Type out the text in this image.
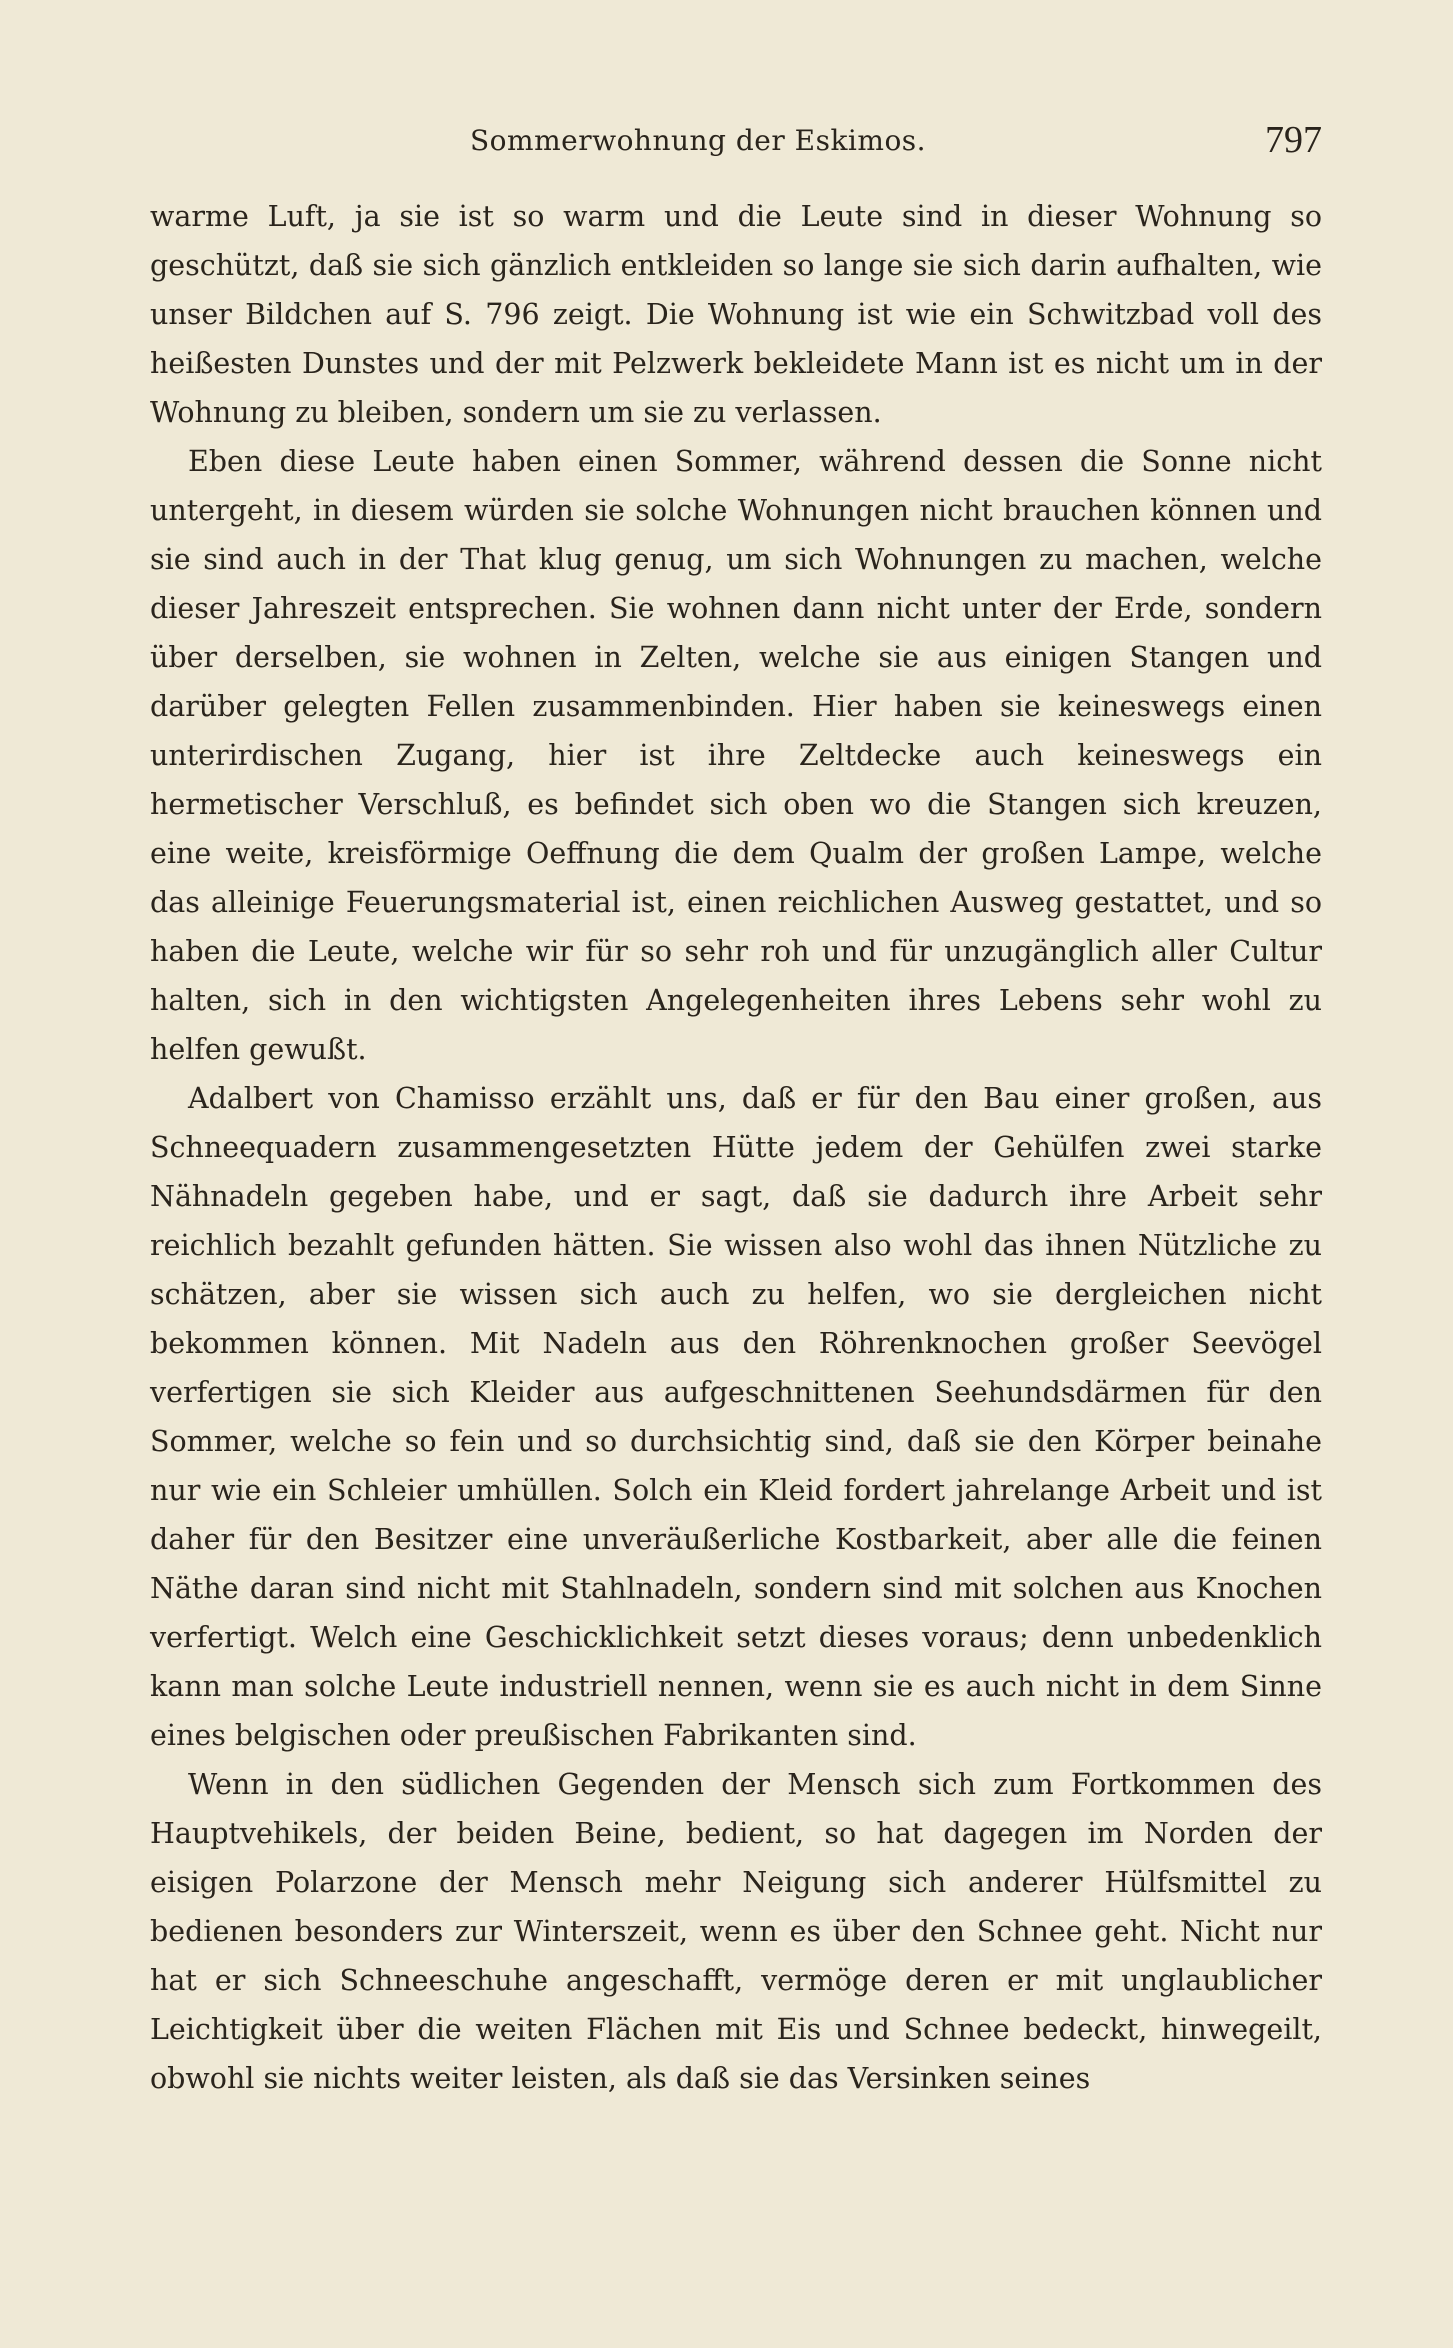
Sommerwohnung der Eskimos.	797

warme Luft, ja sie ist so warm und die Leute sind in dieser Wohnung so geschützt, daß sie sich gänzlich entkleiden so lange sie sich darin aufhalten, wie unser Bildchen auf S. 796 zeigt. Die Wohnung ist wie ein Schwitzbad voll des heißesten Dunstes und der mit Pelzwerk bekleidete Mann ist es nicht um in der Wohnung zu bleiben, sondern um sie zu verlassen.

Eben diese Leute haben einen Sommer, während dessen die Sonne nicht untergeht, in diesem würden sie solche Wohnungen nicht brauchen können und sie sind auch in der That klug genug, um sich Wohnungen zu machen, welche dieser Jahreszeit entsprechen. Sie wohnen dann nicht unter der Erde, sondern über derselben, sie wohnen in Zelten, welche sie aus einigen Stangen und darüber gelegten Fellen zusammenbinden. Hier haben sie keineswegs einen unterirdischen Zugang, hier ist ihre Zeltdecke auch keineswegs ein hermetischer Verschluß, es befindet sich oben wo die Stangen sich kreuzen, eine weite, kreisförmige Oeffnung die dem Qualm der großen Lampe, welche das alleinige Feuerungsmaterial ist, einen reichlichen Ausweg gestattet, und so haben die Leute, welche wir für so sehr roh und für unzugänglich aller Cultur halten, sich in den wichtigsten Angelegenheiten ihres Lebens sehr wohl zu helfen gewußt.

Adalbert von Chamisso erzählt uns, daß er für den Bau einer großen, aus Schneequadern zusammengesetzten Hütte jedem der Gehülfen zwei starke Nähnadeln gegeben habe, und er sagt, daß sie dadurch ihre Arbeit sehr reichlich bezahlt gefunden hätten. Sie wissen also wohl das ihnen Nützliche zu schätzen, aber sie wissen sich auch zu helfen, wo sie dergleichen nicht bekommen können. Mit Nadeln aus den Röhrenknochen großer Seevögel verfertigen sie sich Kleider aus aufgeschnittenen Seehundsdärmen für den Sommer, welche so fein und so durchsichtig sind, daß sie den Körper beinahe nur wie ein Schleier umhüllen. Solch ein Kleid fordert jahrelange Arbeit und ist daher für den Besitzer eine unveräußerliche Kostbarkeit, aber alle die feinen Näthe daran sind nicht mit Stahlnadeln, sondern sind mit solchen aus Knochen verfertigt. Welch eine Geschicklichkeit setzt dieses voraus; denn unbedenklich kann man solche Leute industriell nennen, wenn sie es auch nicht in dem Sinne eines belgischen oder preußischen Fabrikanten sind.

Wenn in den südlichen Gegenden der Mensch sich zum Fortkommen des Hauptvehikels, der beiden Beine, bedient, so hat dagegen im Norden der eisigen Polarzone der Mensch mehr Neigung sich anderer Hülfsmittel zu bedienen besonders zur Winterszeit, wenn es über den Schnee geht. Nicht nur hat er sich Schneeschuhe angeschafft, vermöge deren er mit unglaublicher Leichtigkeit über die weiten Flächen mit Eis und Schnee bedeckt, hinwegeilt, obwohl sie nichts weiter leisten, als daß sie das Versinken seines
